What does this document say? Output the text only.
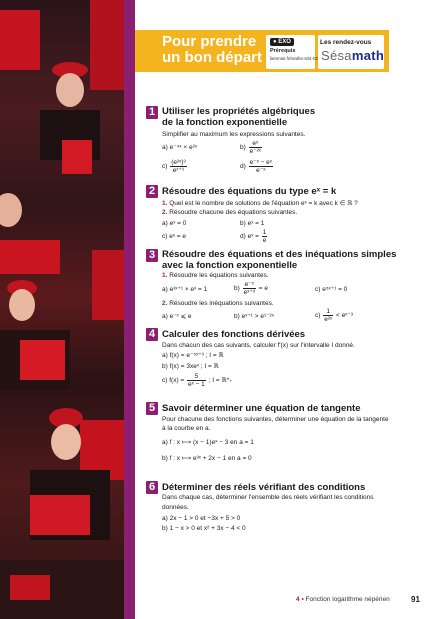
Pour prendre
un bon départ
● EXO
Prérequis
lienmini.fr/maths-s04-02
Les rendez-vous
Sésamath
1 Utiliser les propriétés algébriques
de la fonction exponentielle
Simplifier au maximum les expressions suivantes.
a) e⁻⁴ˣ × e²ˣ	$b) \frac{\text{eˣ}}{\text{e⁻²ˣ}}$
$c) \frac{\text{(e²ˣ)³}}{\text{eˣ⁺¹}}$	$d) \frac{\text{e⁻ˣ − eˣ}}{\text{e⁻ˣ}}$
2 Résoudre des équations du type eˣ = k
1. Quel est le nombre de solutions de l'équation eˣ = k avec k ∈ ℝ ?
2. Résoudre chacune des équations suivantes.
a) eˣ = 0	b) eˣ = 1
c) eˣ = e	d) eˣ = $\frac{1}{e}$
3 Résoudre des équations et des inéquations simples
avec la fonction exponentielle
1. Résoudre les équations suivantes.
a) e³ˣ⁺¹ × eˣ = 1	$b) \frac{\text{e⁻ˣ}}{\text{eˣ⁺³}} = e$	c) e⁵ˣ⁺¹ = 0
2. Résoudre les inéquations suivantes.
a) e⁻ˣ ⩽ e	b) eˣ⁺¹ > e¹⁻²ˣ	$c) \frac{1}{\text{e²ˣ}}$ < eˣ⁻³
4 Calculer des fonctions dérivées
Dans chacun des cas suivants, calculer f′(x) sur l'intervalle I donné.
a) f(x) = e⁻⁵ˣ⁺³ ; I = ℝ
b) f(x) = 3xeˣ ; I = ℝ
c) $f(x) = \frac{5}{\text{eˣ − 1}}$ ; I = ℝ*₊
5 Savoir déterminer une équation de tangente
Pour chacune des fonctions suivantes, déterminer une équation de la tangente
à la courbe en a.
a) f : x ⟼ (x − 1)eˣ − 3 en a = 1
b) f : x ⟼ e³ˣ + 2x − 1 en a = 0
6 Déterminer des réels vérifiant des conditions
Dans chaque cas, déterminer l'ensemble des réels vérifiant les conditions
données.
a) 2x − 1 > 0 et −3x + 5 > 0
b) 1 − x > 0 et x² + 3x − 4 < 0
4 • Fonction logarithme népérien	91
